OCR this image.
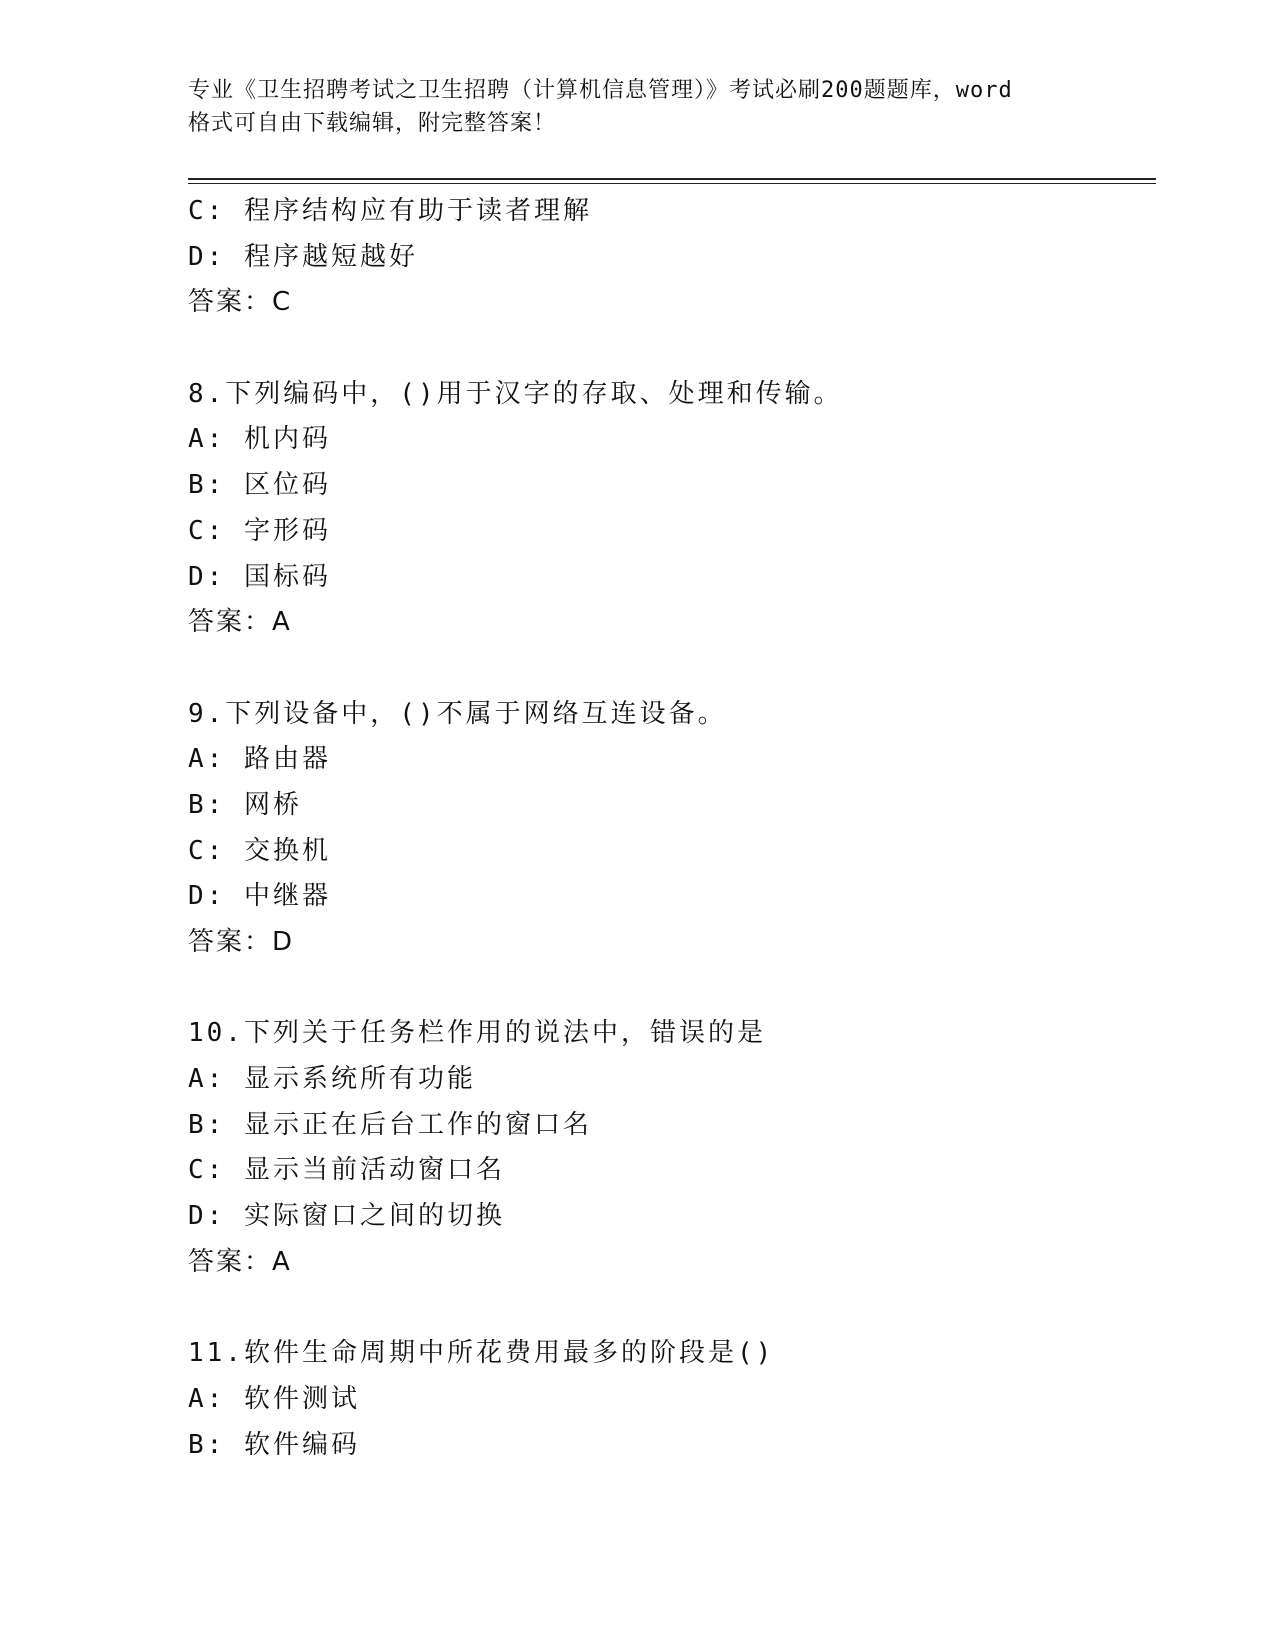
专业《卫生招聘考试之卫生招聘（计算机信息管理）》考试必刷200题题库，word
格式可自由下载编辑，附完整答案！
C: 程序结构应有助于读者理解
D: 程序越短越好
答案：C
8.下列编码中，()用于汉字的存取、处理和传输。
A: 机内码
B: 区位码
C: 字形码
D: 国标码
答案：A
9.下列设备中，()不属于网络互连设备。
A: 路由器
B: 网桥
C: 交换机
D: 中继器
答案：D
10.下列关于任务栏作用的说法中，错误的是
A: 显示系统所有功能
B: 显示正在后台工作的窗口名
C: 显示当前活动窗口名
D: 实际窗口之间的切换
答案：A
11.软件生命周期中所花费用最多的阶段是()
A: 软件测试
B: 软件编码
